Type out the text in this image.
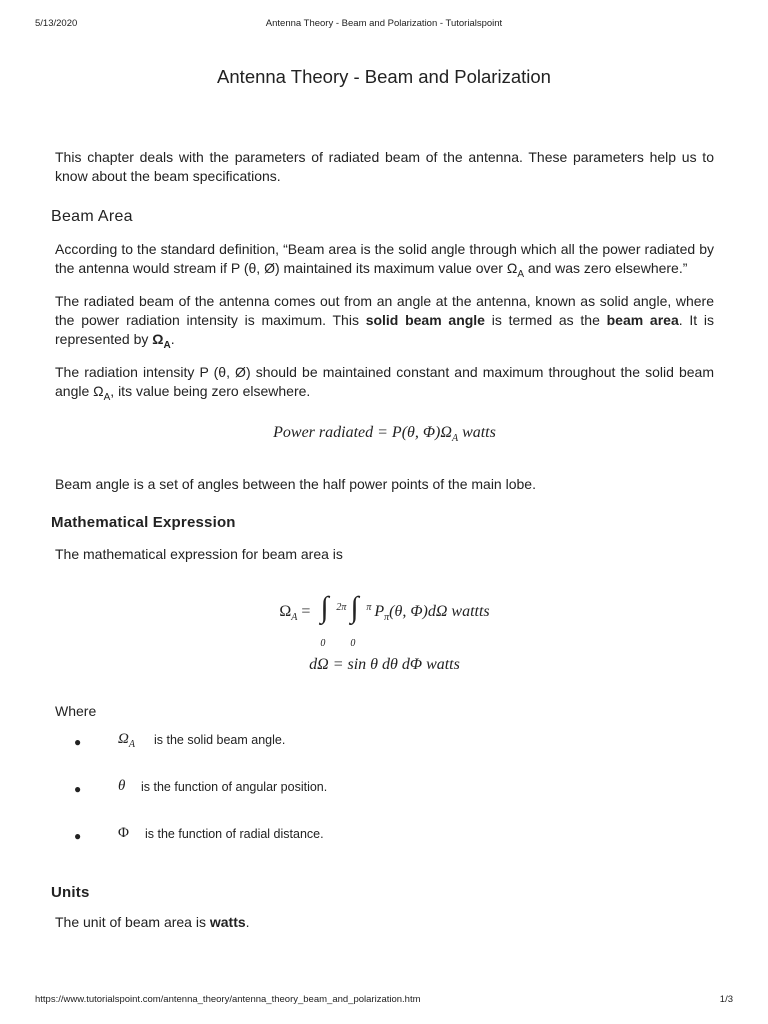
5/13/2020	Antenna Theory - Beam and Polarization - Tutorialspoint
Antenna Theory - Beam and Polarization

This chapter deals with the parameters of radiated beam of the antenna. These parameters help us to know about the beam specifications.

Beam Area

According to the standard definition, “Beam area is the solid angle through which all the power radiated by the antenna would stream if P (θ, Ø) maintained its maximum value over $\Omega_A$ and was zero elsewhere.”

The radiated beam of the antenna comes out from an angle at the antenna, known as solid angle, where the power radiation intensity is maximum. This solid beam angle is termed as the beam area. It is represented by $\Omega_A$.

The radiation intensity P (θ, Ø) should be maintained constant and maximum throughout the solid beam angle $\Omega_A$, its value being zero elsewhere.

Power radiated = P(θ, $\Phi)\Omega_A$ watts

Beam angle is a set of angles between the half power points of the main lobe.

Mathematical Expression

The mathematical expression for beam area is

$\Omega_A$ = ∫ 2π
0
∫ π
0
$P_\pi(\theta$, Φ)dΩ wattts
dΩ = sin θ dθ dΦ watts

Where

● $\Omega_A$ is the solid beam angle.
● θ is the function of angular position.
● Φ is the function of radial distance.
Units

The unit of beam area is watts.

https://www.tutorialspoint.com/antenna_theory/antenna_theory_beam_and_polarization.htm	1/3
